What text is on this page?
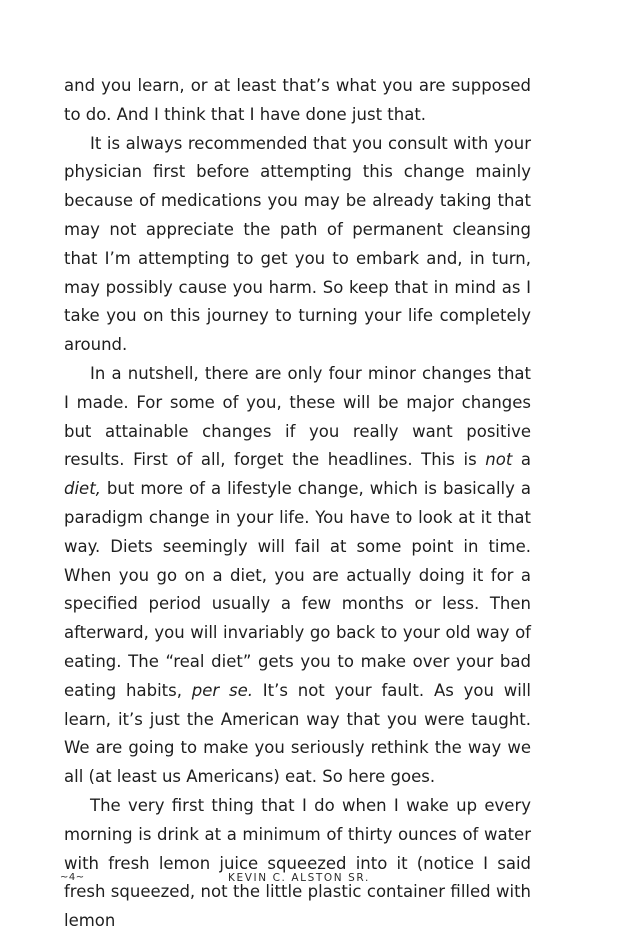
and you learn, or at least that’s what you are supposed to do. And I think that I have done just that.

It is always recommended that you consult with your physician first before attempting this change mainly because of medications you may be already taking that may not appreciate the path of permanent cleansing that I’m attempting to get you to embark and, in turn, may possibly cause you harm. So keep that in mind as I take you on this journey to turning your life completely around.

In a nutshell, there are only four minor changes that I made. For some of you, these will be major changes but attainable changes if you really want positive results. First of all, forget the headlines. This is not a diet, but more of a lifestyle change, which is basically a paradigm change in your life. You have to look at it that way. Diets seemingly will fail at some point in time. When you go on a diet, you are actually doing it for a specified period usually a few months or less. Then afterward, you will invariably go back to your old way of eating. The “real diet” gets you to make over your bad eating habits, per se. It’s not your fault. As you will learn, it’s just the American way that you were taught. We are going to make you seriously rethink the way we all (at least us Americans) eat. So here goes.

The very first thing that I do when I wake up every morning is drink at a minimum of thirty ounces of water with fresh lemon juice squeezed into it (notice I said fresh squeezed, not the little plastic container filled with lemon

~4~	KEVIN C. ALSTON SR.
